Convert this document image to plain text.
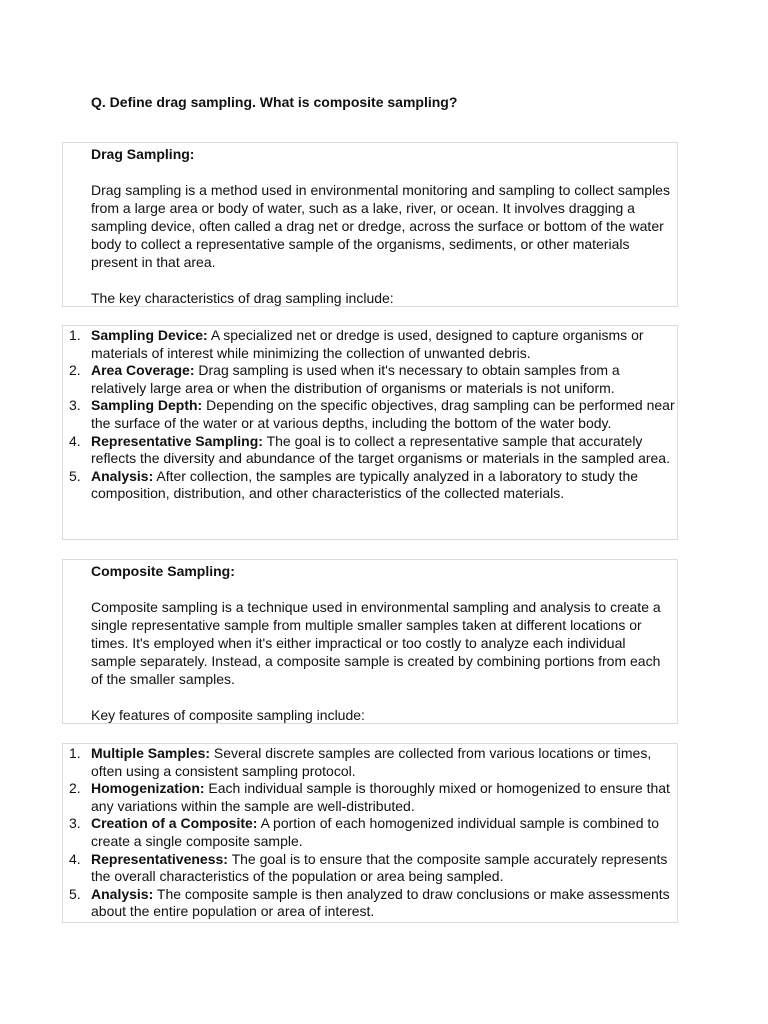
Q. Define drag sampling. What is composite sampling?
Drag Sampling:

Drag sampling is a method used in environmental monitoring and sampling to collect samples from a large area or body of water, such as a lake, river, or ocean. It involves dragging a sampling device, often called a drag net or dredge, across the surface or bottom of the water body to collect a representative sample of the organisms, sediments, or other materials present in that area.

The key characteristics of drag sampling include:

1. Sampling Device: A specialized net or dredge is used, designed to capture organisms or materials of interest while minimizing the collection of unwanted debris.
2. Area Coverage: Drag sampling is used when it's necessary to obtain samples from a relatively large area or when the distribution of organisms or materials is not uniform.
3. Sampling Depth: Depending on the specific objectives, drag sampling can be performed near the surface of the water or at various depths, including the bottom of the water body.
4. Representative Sampling: The goal is to collect a representative sample that accurately reflects the diversity and abundance of the target organisms or materials in the sampled area.
5. Analysis: After collection, the samples are typically analyzed in a laboratory to study the composition, distribution, and other characteristics of the collected materials.
Composite Sampling:

Composite sampling is a technique used in environmental sampling and analysis to create a single representative sample from multiple smaller samples taken at different locations or times. It's employed when it's either impractical or too costly to analyze each individual sample separately. Instead, a composite sample is created by combining portions from each of the smaller samples.

Key features of composite sampling include:

1. Multiple Samples: Several discrete samples are collected from various locations or times, often using a consistent sampling protocol.
2. Homogenization: Each individual sample is thoroughly mixed or homogenized to ensure that any variations within the sample are well-distributed.
3. Creation of a Composite: A portion of each homogenized individual sample is combined to create a single composite sample.
4. Representativeness: The goal is to ensure that the composite sample accurately represents the overall characteristics of the population or area being sampled.
5. Analysis: The composite sample is then analyzed to draw conclusions or make assessments about the entire population or area of interest.
